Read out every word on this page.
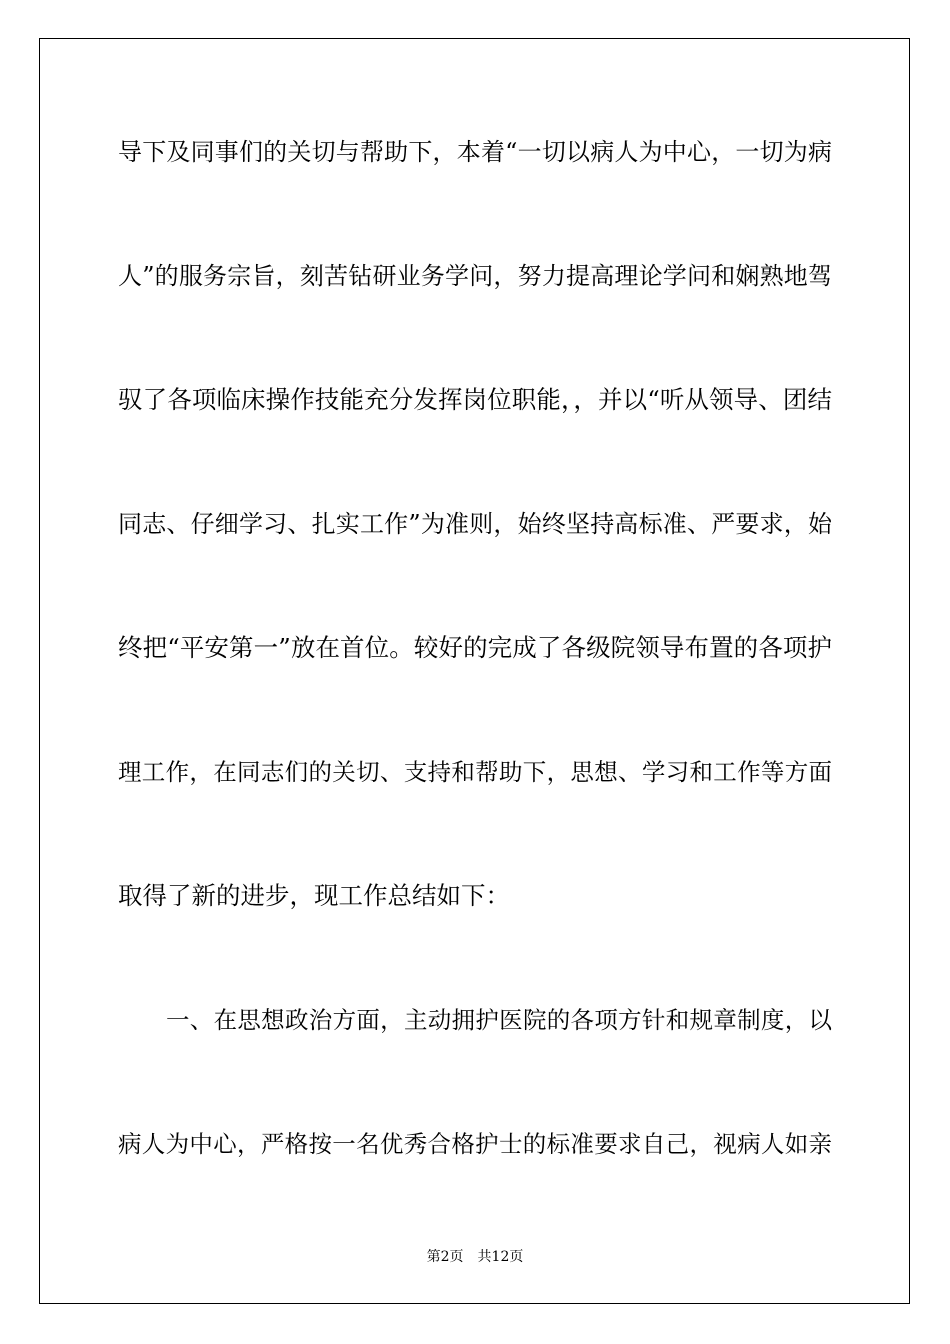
导下及同事们的关切与帮助下，本着“一切以病人为中心，一切为病
人”的服务宗旨，刻苦钻研业务学问，努力提高理论学问和娴熟地驾
驭了各项临床操作技能充分发挥岗位职能，，并以“听从领导、团结
同志、仔细学习、扎实工作”为准则，始终坚持高标准、严要求，始
终把“平安第一”放在首位。较好的完成了各级院领导布置的各项护
理工作，在同志们的关切、支持和帮助下，思想、学习和工作等方面
取得了新的进步，现工作总结如下：
一、在思想政治方面，主动拥护医院的各项方针和规章制度，以
病人为中心，严格按一名优秀合格护士的标准要求自己，视病人如亲
第2页 共12页
